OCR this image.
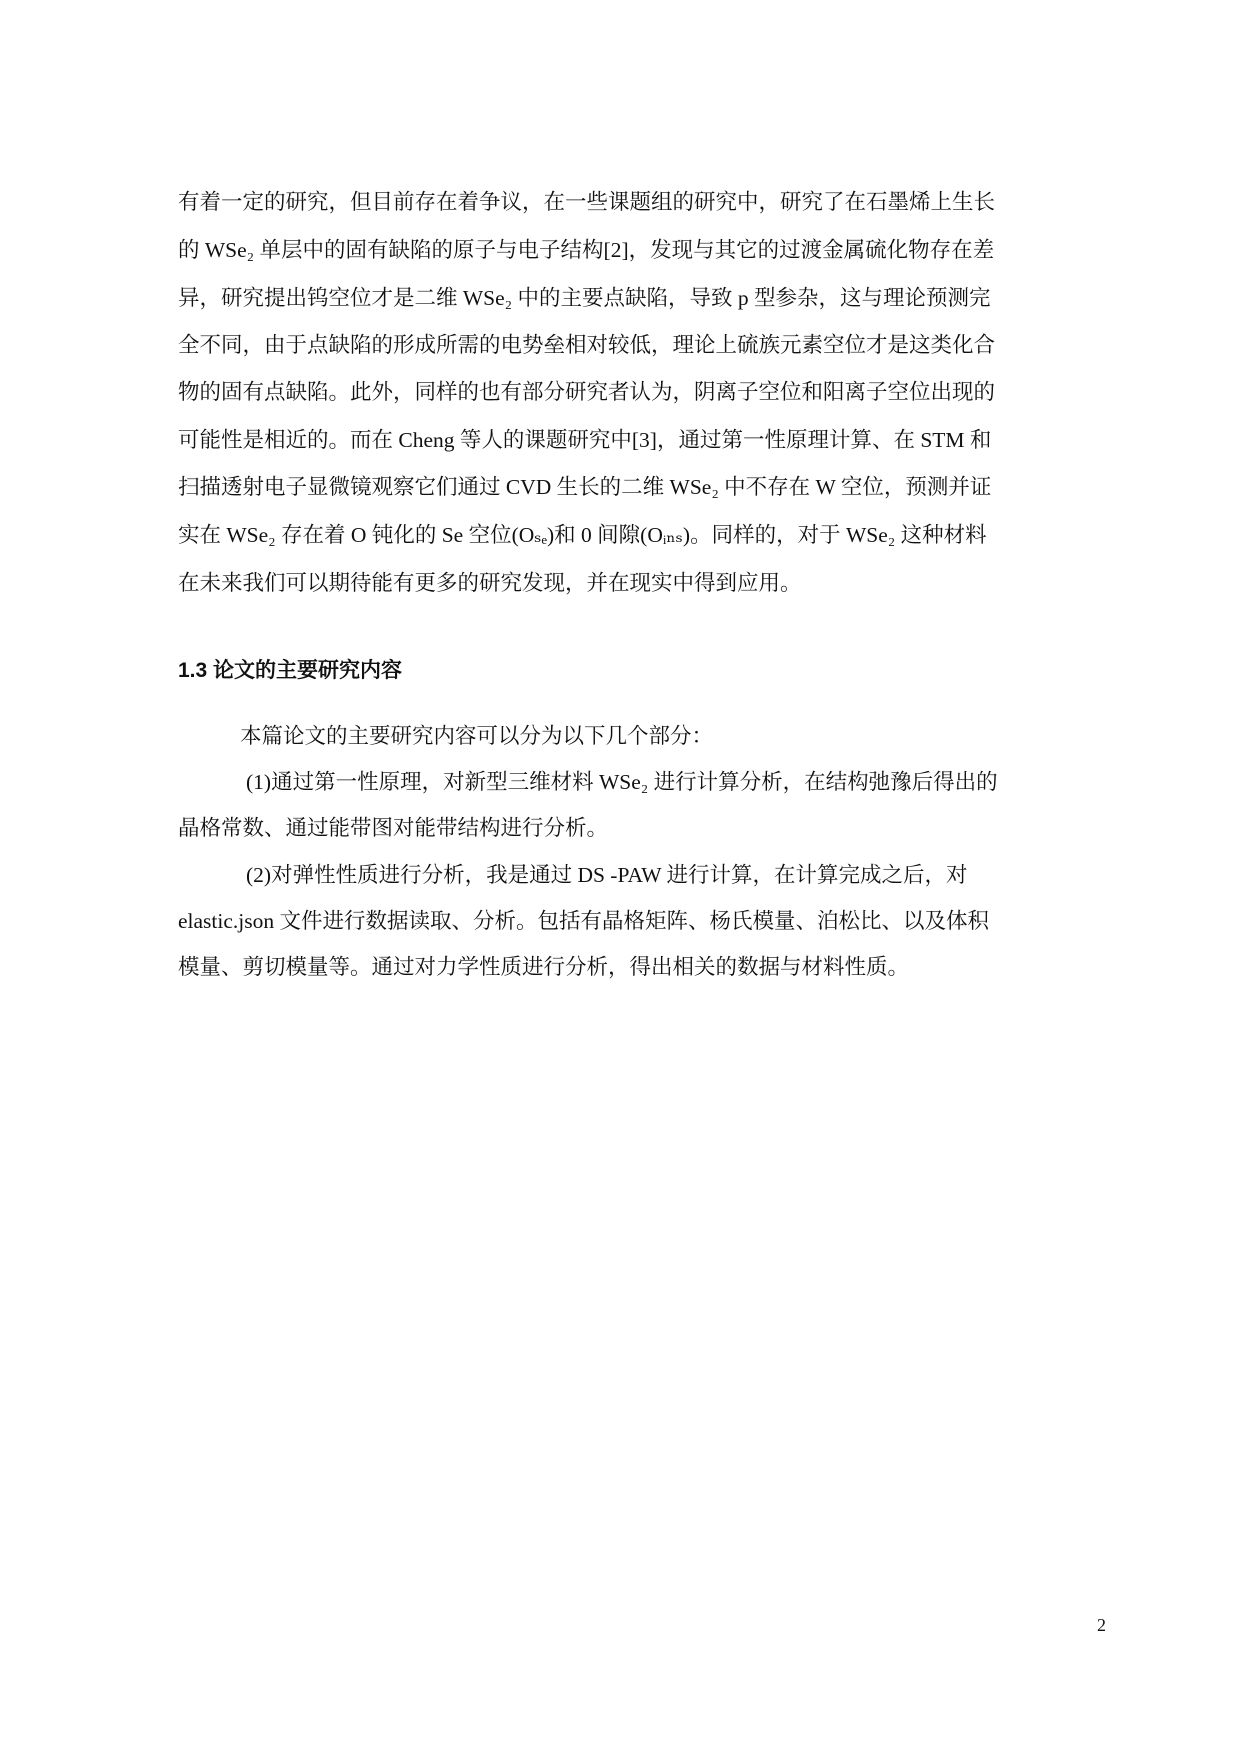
有着一定的研究，但目前存在着争议，在一些课题组的研究中，研究了在石墨烯上生长
的 WSe₂ 单层中的固有缺陷的原子与电子结构[2]，发现与其它的过渡金属硫化物存在差
异，研究提出钨空位才是二维 WSe₂ 中的主要点缺陷，导致 p 型参杂，这与理论预测完
全不同，由于点缺陷的形成所需的电势垒相对较低，理论上硫族元素空位才是这类化合
物的固有点缺陷。此外，同样的也有部分研究者认为，阴离子空位和阳离子空位出现的
可能性是相近的。而在 Cheng 等人的课题研究中[3]，通过第一性原理计算、在 STM 和
扫描透射电子显微镜观察它们通过 CVD 生长的二维 WSe₂ 中不存在 W 空位，预测并证
实在 WSe₂ 存在着 O 钝化的 Se 空位(Oₛₑ)和 0 间隙(Oᵢₙₛ)。同样的，对于 WSe₂ 这种材料
在未来我们可以期待能有更多的研究发现，并在现实中得到应用。
1.3 论文的主要研究内容
本篇论文的主要研究内容可以分为以下几个部分：
(1)通过第一性原理，对新型三维材料 WSe₂ 进行计算分析，在结构弛豫后得出的
晶格常数、通过能带图对能带结构进行分析。
(2)对弹性性质进行分析，我是通过 DS -PAW 进行计算，在计算完成之后，对
elastic.json 文件进行数据读取、分析。包括有晶格矩阵、杨氏模量、泊松比、以及体积
模量、剪切模量等。通过对力学性质进行分析，得出相关的数据与材料性质。
2
